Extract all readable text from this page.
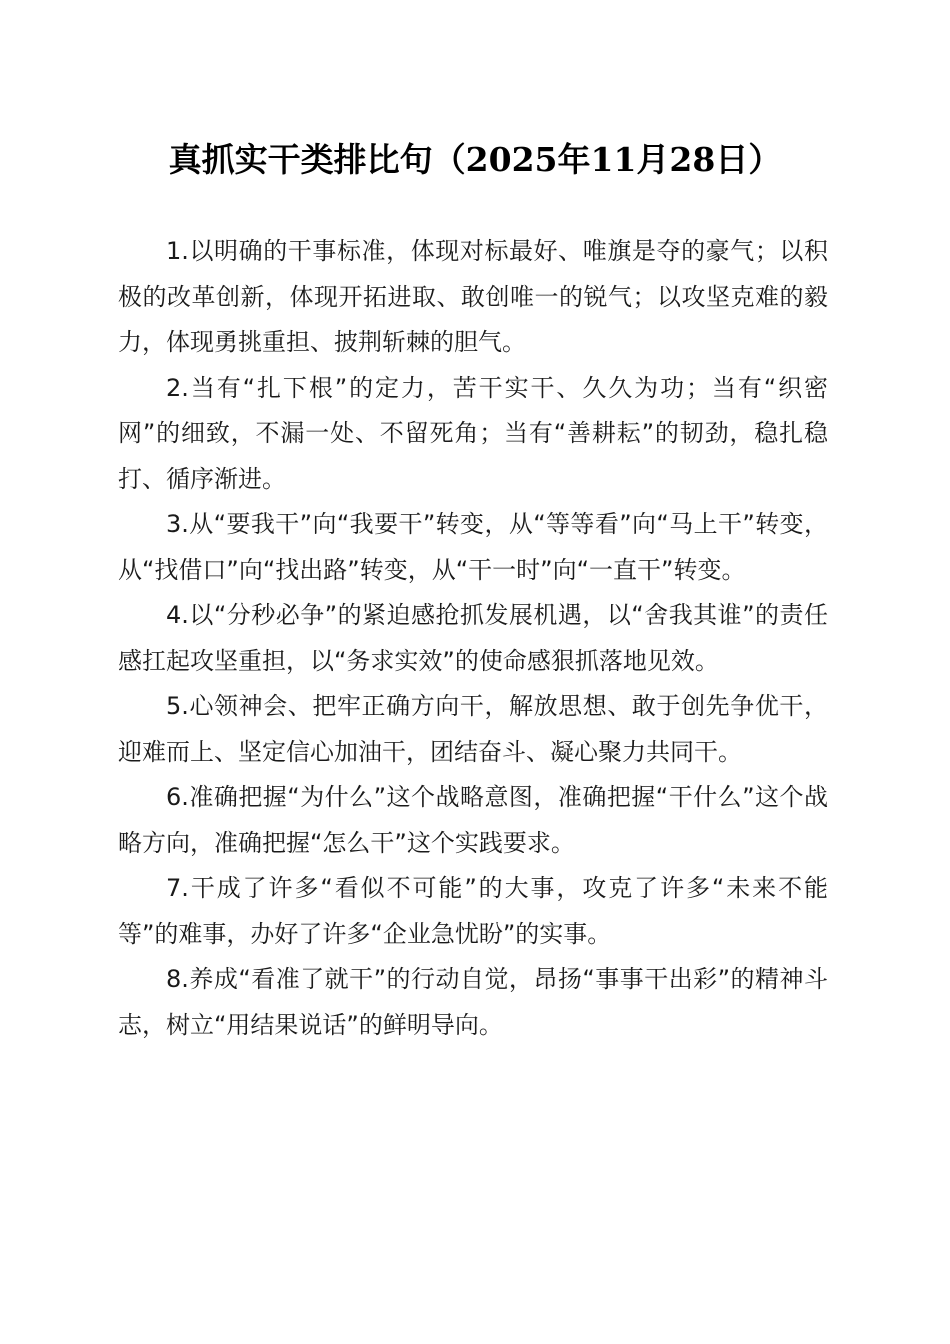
真抓实干类排比句（2025年11月28日）

1.以明确的干事标准，体现对标最好、唯旗是夺的豪气；以积极的改革创新，体现开拓进取、敢创唯一的锐气；以攻坚克难的毅力，体现勇挑重担、披荆斩棘的胆气。

2.当有“扎下根”的定力，苦干实干、久久为功；当有“织密网”的细致，不漏一处、不留死角；当有“善耕耘”的韧劲，稳扎稳打、循序渐进。

3.从“要我干”向“我要干”转变，从“等等看”向“马上干”转变，从“找借口”向“找出路”转变，从“干一时”向“一直干”转变。

4.以“分秒必争”的紧迫感抢抓发展机遇，以“舍我其谁”的责任感扛起攻坚重担，以“务求实效”的使命感狠抓落地见效。

5.心领神会、把牢正确方向干，解放思想、敢于创先争优干，迎难而上、坚定信心加油干，团结奋斗、凝心聚力共同干。

6.准确把握“为什么”这个战略意图，准确把握“干什么”这个战略方向，准确把握“怎么干”这个实践要求。

7.干成了许多“看似不可能”的大事，攻克了许多“未来不能等”的难事，办好了许多“企业急忧盼”的实事。

8.养成“看准了就干”的行动自觉，昂扬“事事干出彩”的精神斗志，树立“用结果说话”的鲜明导向。
